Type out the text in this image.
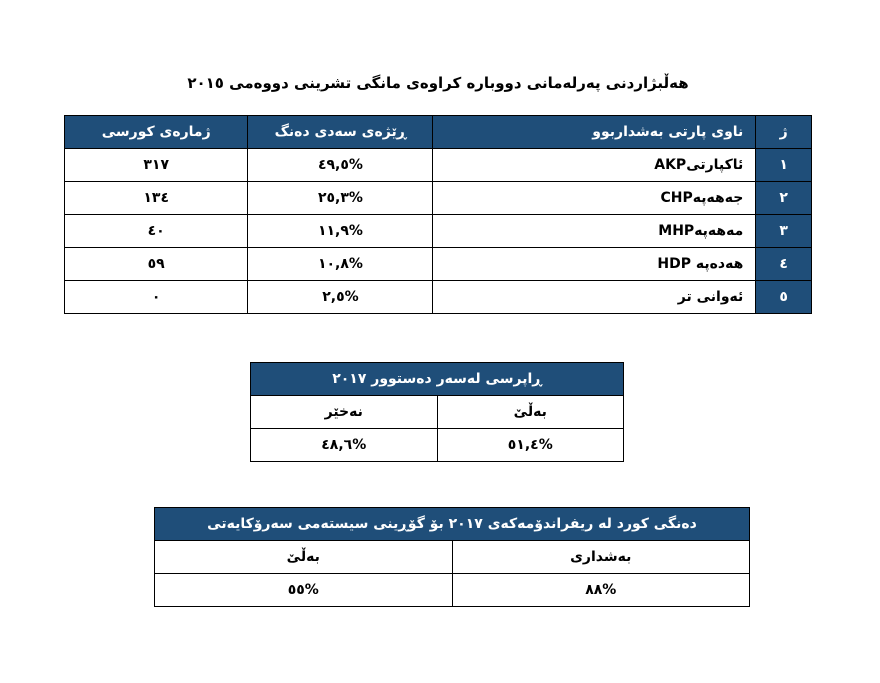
هەڵبژاردنی پەرلەمانی دووبارە کراوەی مانگی تشرینی دووەمی ٢٠١٥
ژ	ناوی پارتی بەشداربوو	ڕێژەی سەدی دەنگ	ژمارەی کورسی
١	ئاکپارتیAKP	%٤٩,٥	٣١٧
٢	جەهەپەCHP	%٢٥,٣	١٣٤
٣	مەهەپەMHP	%١١,٩	٤٠
٤	هەدەپە HDP	%١٠,٨	٥٩
٥	ئەوانی تر	%٢,٥	٠
ڕاپرسی لەسەر دەستوور ٢٠١٧	
بەڵێ	نەخێر
%٥١,٤	%٤٨,٦
دەنگی کورد لە ریفراندۆمەکەی ٢٠١٧ بۆ گۆڕینی سیستەمی سەرۆکایەتی	
بەشداری	بەڵێ
%٨٨	%٥٥
